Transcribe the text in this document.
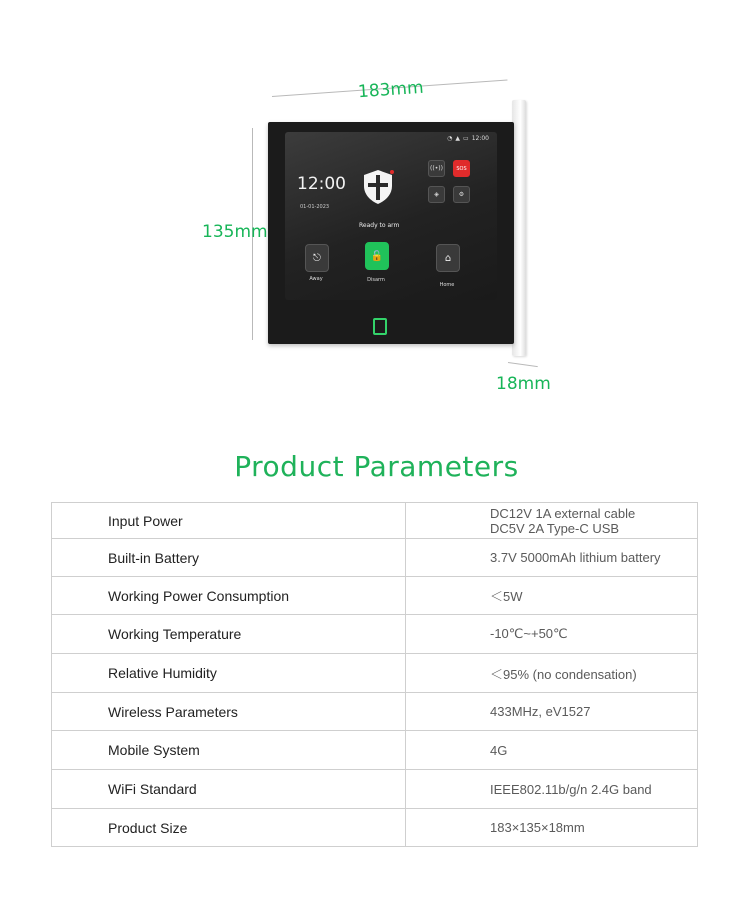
183mm
135mm
18mm
◔ ▲ ▭ 12:00
12:00
01-01-2023
Ready to arm
((•))	SOS
◈	⚙
⎋
Away
🔓
Disarm
⌂
Home
Product Parameters
Input Power	DC12V 1A external cable
DC5V 2A Type-C USB

Built-in Battery	3.7V 5000mAh lithium battery
Working Power Consumption	＜5W
Working Temperature	-10℃~+50℃
Relative Humidity	＜95% (no condensation)
Wireless Parameters	433MHz, eV1527
Mobile System	4G
WiFi Standard	IEEE802.11b/g/n 2.4G band
Product Size	183×135×18mm
